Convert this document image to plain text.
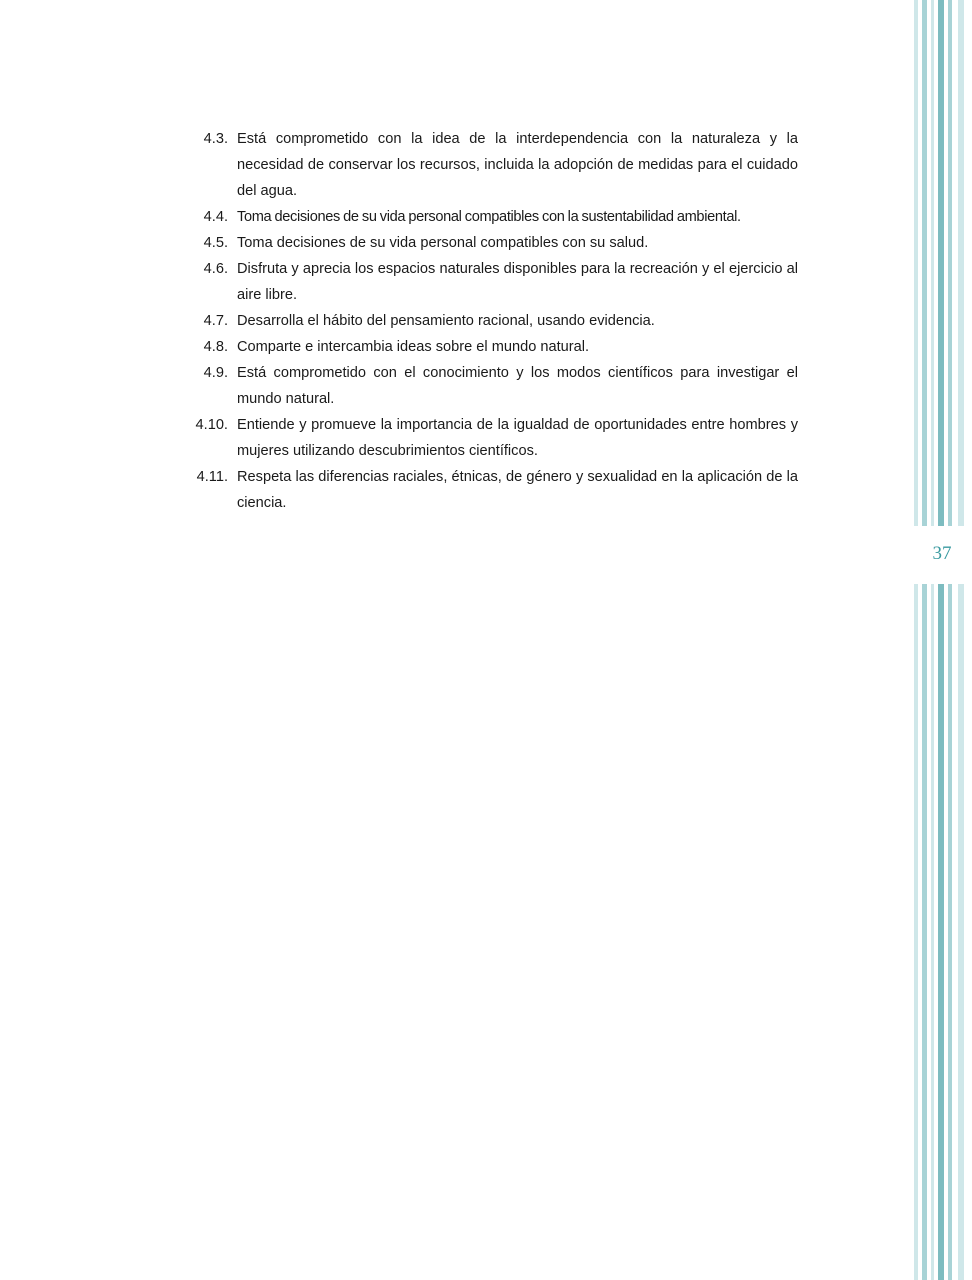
4.3. Está comprometido con la idea de la interdependencia con la naturaleza y la necesidad de conservar los recursos, incluida la adopción de medidas para el cuidado del agua.
4.4. Toma decisiones de su vida personal compatibles con la sustentabilidad ambiental.
4.5. Toma decisiones de su vida personal compatibles con su salud.
4.6. Disfruta y aprecia los espacios naturales disponibles para la recreación y el ejercicio al aire libre.
4.7. Desarrolla el hábito del pensamiento racional, usando evidencia.
4.8. Comparte e intercambia ideas sobre el mundo natural.
4.9. Está comprometido con el conocimiento y los modos científicos para investigar el mundo natural.
4.10. Entiende y promueve la importancia de la igualdad de oportunidades entre hombres y mujeres utilizando descubrimientos científicos.
4.11. Respeta las diferencias raciales, étnicas, de género y sexualidad en la aplicación de la ciencia.
37
